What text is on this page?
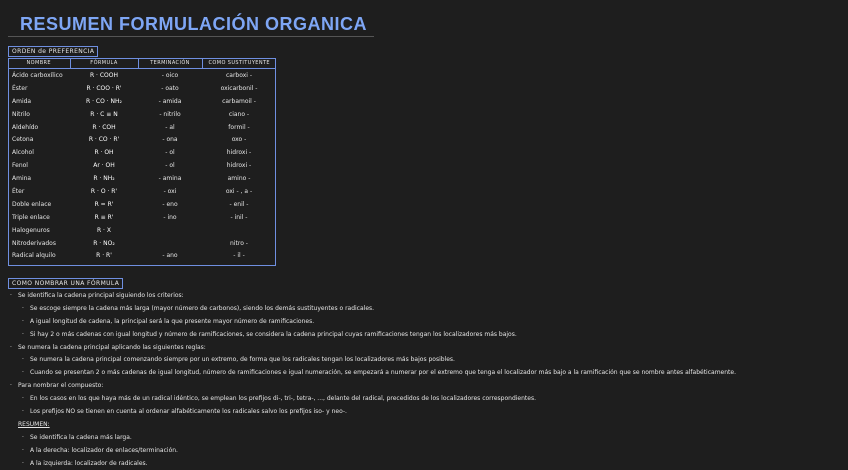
RESUMEN FORMULACIÓN ORGANICA
ORDEN de PREFERENCIA
NOMBRE	FÓRMULA	TERMINACIÓN	COMO SUSTITUYENTE
Ácido carboxílico	R · COOH	- oico	carboxi -
Éster	R · COO · R'	- oato	oxicarbonil -
Amida	R · CO · NH₂	- amida	carbamoil -
Nitrilo	R · C ≡ N	- nitrilo	ciano -
Aldehído	R · COH	- al	formil -
Cetona	R · CO · R'	- ona	oxo -
Alcohol	R · OH	- ol	hidroxi -
Fenol	Ar · OH	- ol	hidroxi -
Amina	R · NH₂	- amina	amino -
Éter	R · O · R'	- oxi	oxi - , a -
Doble enlace	R = R'	- eno	- enil -
Triple enlace	R ≡ R'	- ino	- inil -
Halogenuros	R · X		
Nitroderivados	R · NO₂		nitro -
Radical alquilo	R · R'	- ano	- il -
COMO NOMBRAR UNA FÓRMULA
· Se identifica la cadena principal siguiendo los criterios:
· Se escoge siempre la cadena más larga (mayor número de carbonos), siendo los demás sustituyentes o radicales.
· A igual longitud de cadena, la principal será la que presente mayor número de ramificaciones.
· Si hay 2 o más cadenas con igual longitud y número de ramificaciones, se considera la cadena principal cuyas ramificaciones tengan los localizadores más bajos.
· Se numera la cadena principal aplicando las siguientes reglas:
· Se numera la cadena principal comenzando siempre por un extremo, de forma que los radicales tengan los localizadores más bajos posibles.
· Cuando se presentan 2 o más cadenas de igual longitud, número de ramificaciones e igual numeración, se empezará a numerar por el extremo que tenga el localizador más bajo a la ramificación que se nombre antes alfabéticamente.
· Para nombrar el compuesto:
· En los casos en los que haya más de un radical idéntico, se emplean los prefijos di-, tri-, tetra-, ..., delante del radical, precedidos de los localizadores correspondientes.
· Los prefijos NO se tienen en cuenta al ordenar alfabéticamente los radicales salvo los prefijos iso- y neo-.
RESUMEN:
· Se identifica la cadena más larga.
· A la derecha: localizador de enlaces/terminación.
· A la izquierda: localizador de radicales.
